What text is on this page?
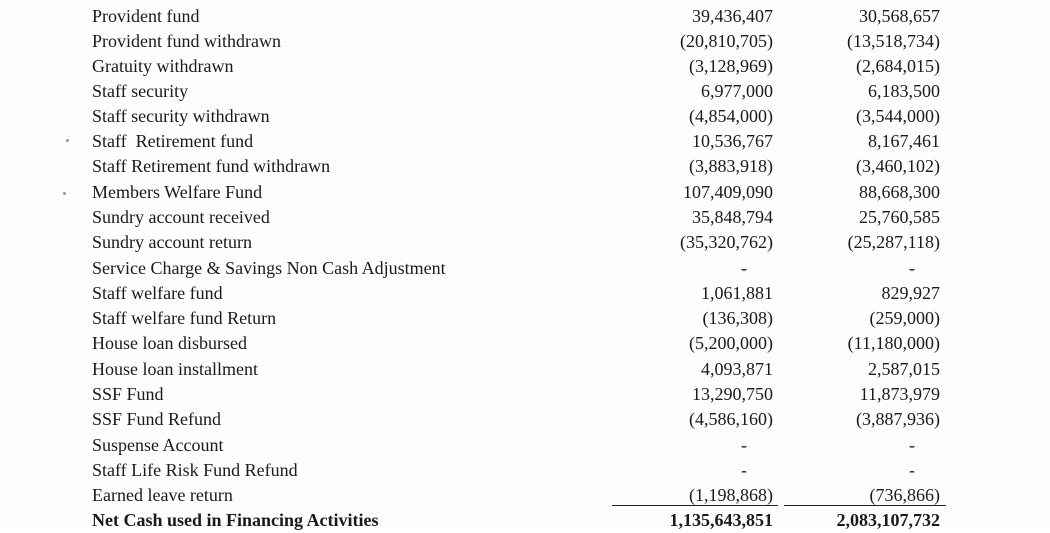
Provident fund	39,436,407	30,568,657
Provident fund withdrawn	(20,810,705)	(13,518,734)
Gratuity withdrawn	(3,128,969)	(2,684,015)
Staff security	6,977,000	6,183,500
Staff security withdrawn	(4,854,000)	(3,544,000)
Staff  Retirement fund	10,536,767	8,167,461
Staff Retirement fund withdrawn	(3,883,918)	(3,460,102)
Members Welfare Fund	107,409,090	88,668,300
Sundry account received	35,848,794	25,760,585
Sundry account return	(35,320,762)	(25,287,118)
Service Charge & Savings Non Cash Adjustment	-	-
Staff welfare fund	1,061,881	829,927
Staff welfare fund Return	(136,308)	(259,000)
House loan disbursed	(5,200,000)	(11,180,000)
House loan installment	4,093,871	2,587,015
SSF Fund	13,290,750	11,873,979
SSF Fund Refund	(4,586,160)	(3,887,936)
Suspense Account	-	-
Staff Life Risk Fund Refund	-	-
Earned leave return	(1,198,868)	(736,866)
Net Cash used in Financing Activities	1,135,643,851	2,083,107,732
